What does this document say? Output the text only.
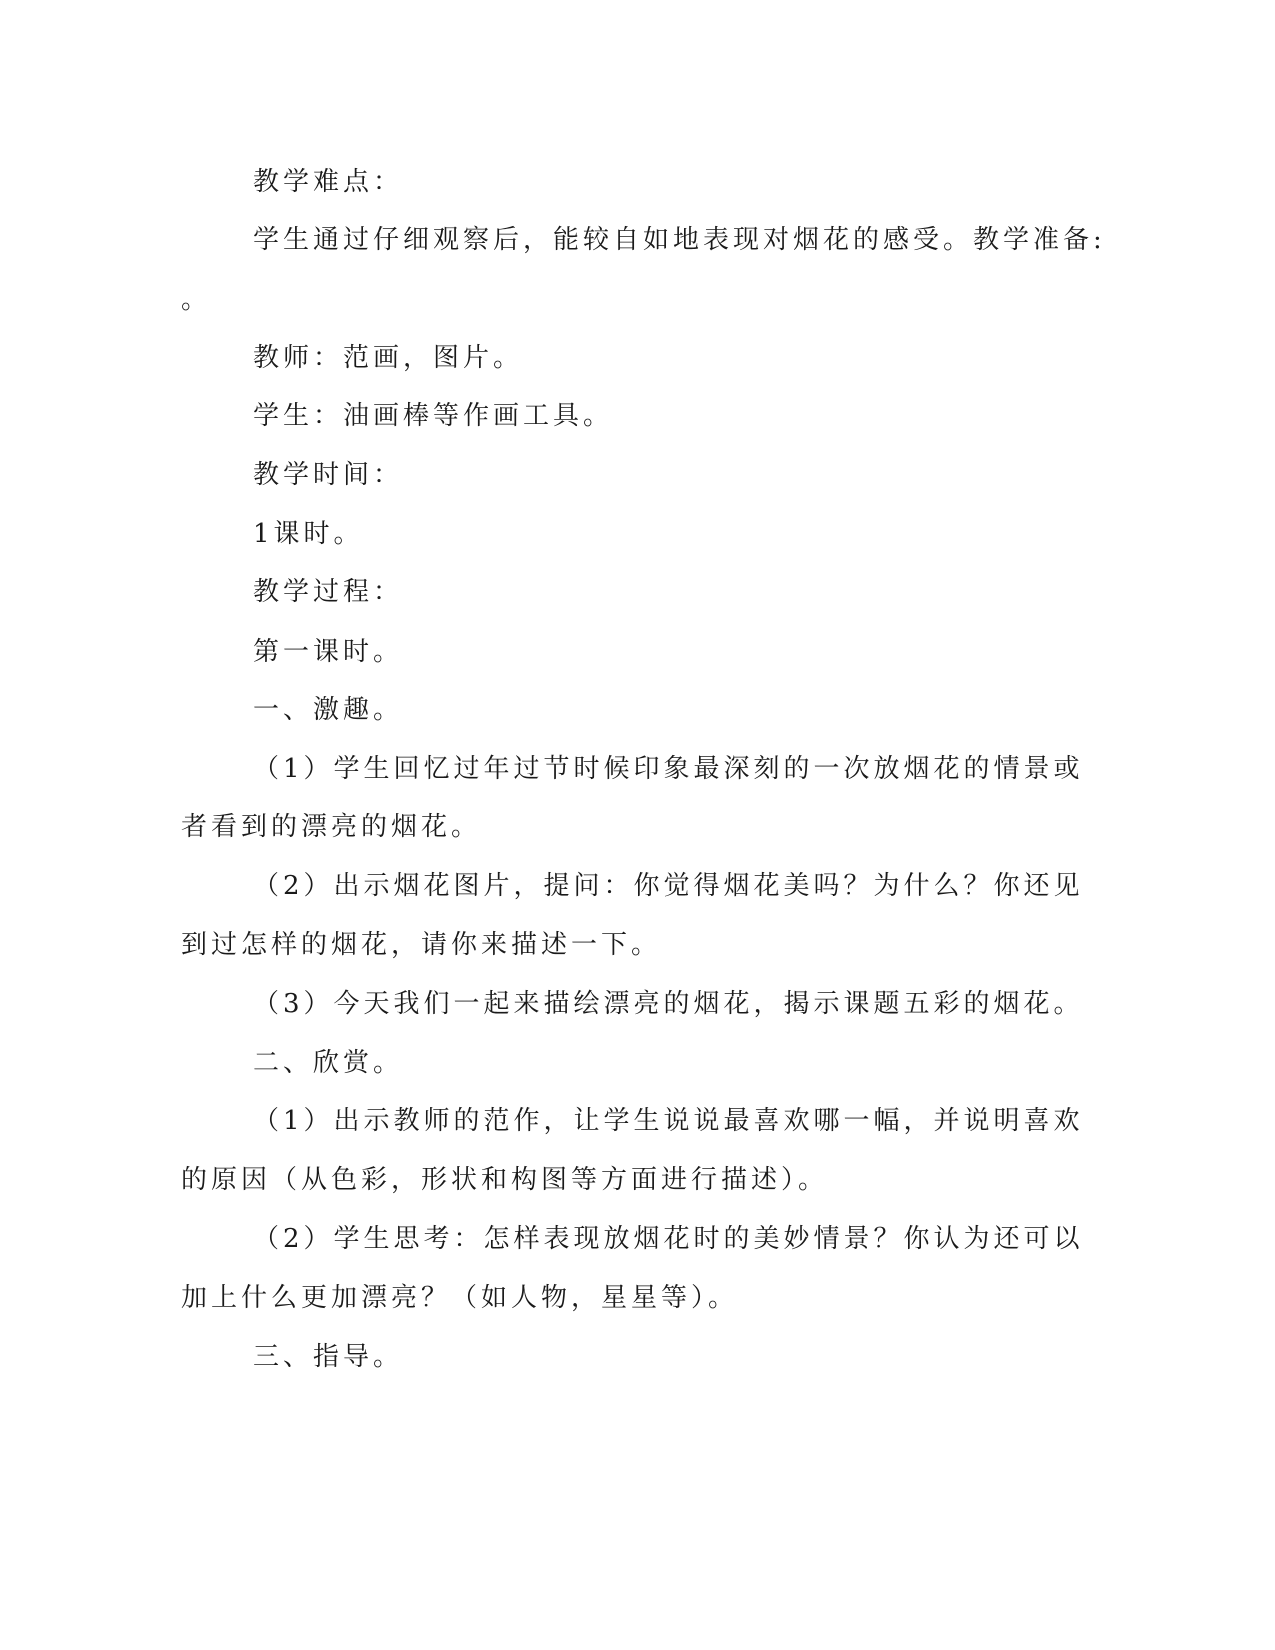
教学难点：
学生通过仔细观察后，能较自如地表现对烟花的感受。教学准备:
。
教师：范画，图片。
学生：油画棒等作画工具。
教学时间：
1课时。
教学过程：
第一课时。
一、激趣。
（1）学生回忆过年过节时候印象最深刻的一次放烟花的情景或
者看到的漂亮的烟花。
（2）出示烟花图片，提问：你觉得烟花美吗？为什么？你还见
到过怎样的烟花，请你来描述一下。
（3）今天我们一起来描绘漂亮的烟花，揭示课题五彩的烟花。
二、欣赏。
（1）出示教师的范作，让学生说说最喜欢哪一幅，并说明喜欢
的原因（从色彩，形状和构图等方面进行描述）。
（2）学生思考：怎样表现放烟花时的美妙情景？你认为还可以
加上什么更加漂亮？（如人物，星星等）。
三、指导。
